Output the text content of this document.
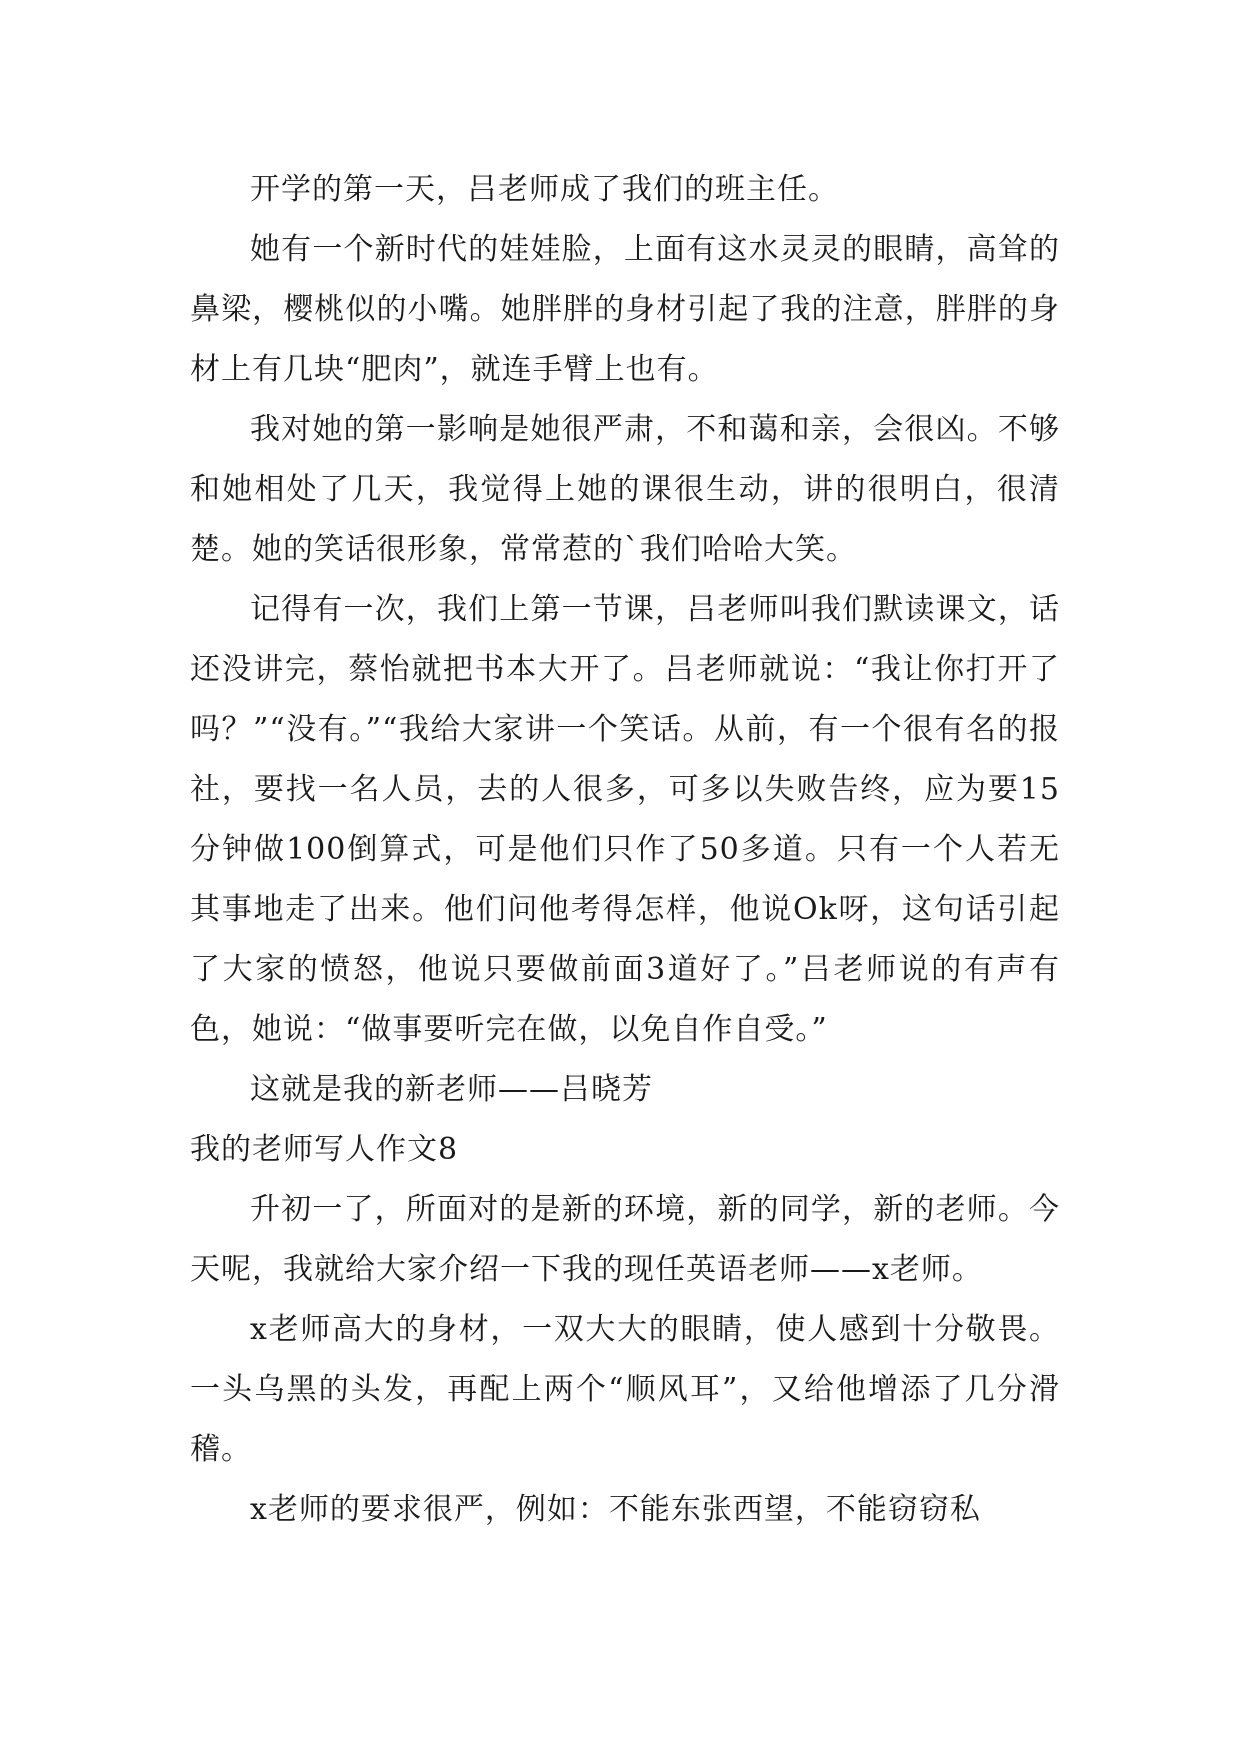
开学的第一天，吕老师成了我们的班主任。

她有一个新时代的娃娃脸，上面有这水灵灵的眼睛，高耸的鼻梁，樱桃似的小嘴。她胖胖的身材引起了我的注意，胖胖的身材上有几块“肥肉”，就连手臂上也有。

我对她的第一影响是她很严肃，不和蔼和亲，会很凶。不够和她相处了几天，我觉得上她的课很生动，讲的很明白，很清楚。她的笑话很形象，常常惹的`我们哈哈大笑。

记得有一次，我们上第一节课，吕老师叫我们默读课文，话还没讲完，蔡怡就把书本大开了。吕老师就说：“我让你打开了吗？”“没有。”“我给大家讲一个笑话。从前，有一个很有名的报社，要找一名人员，去的人很多，可多以失败告终，应为要15分钟做100倒算式，可是他们只作了50多道。只有一个人若无其事地走了出来。他们问他考得怎样，他说Ok呀，这句话引起了大家的愤怒，他说只要做前面3道好了。”吕老师说的有声有色，她说：“做事要听完在做，以免自作自受。”

这就是我的新老师——吕晓芳

我的老师写人作文8

升初一了，所面对的是新的环境，新的同学，新的老师。今天呢，我就给大家介绍一下我的现任英语老师——x老师。

x老师高大的身材，一双大大的眼睛，使人感到十分敬畏。一头乌黑的头发，再配上两个“顺风耳”，又给他增添了几分滑稽。

x老师的要求很严，例如：不能东张西望，不能窃窃私
